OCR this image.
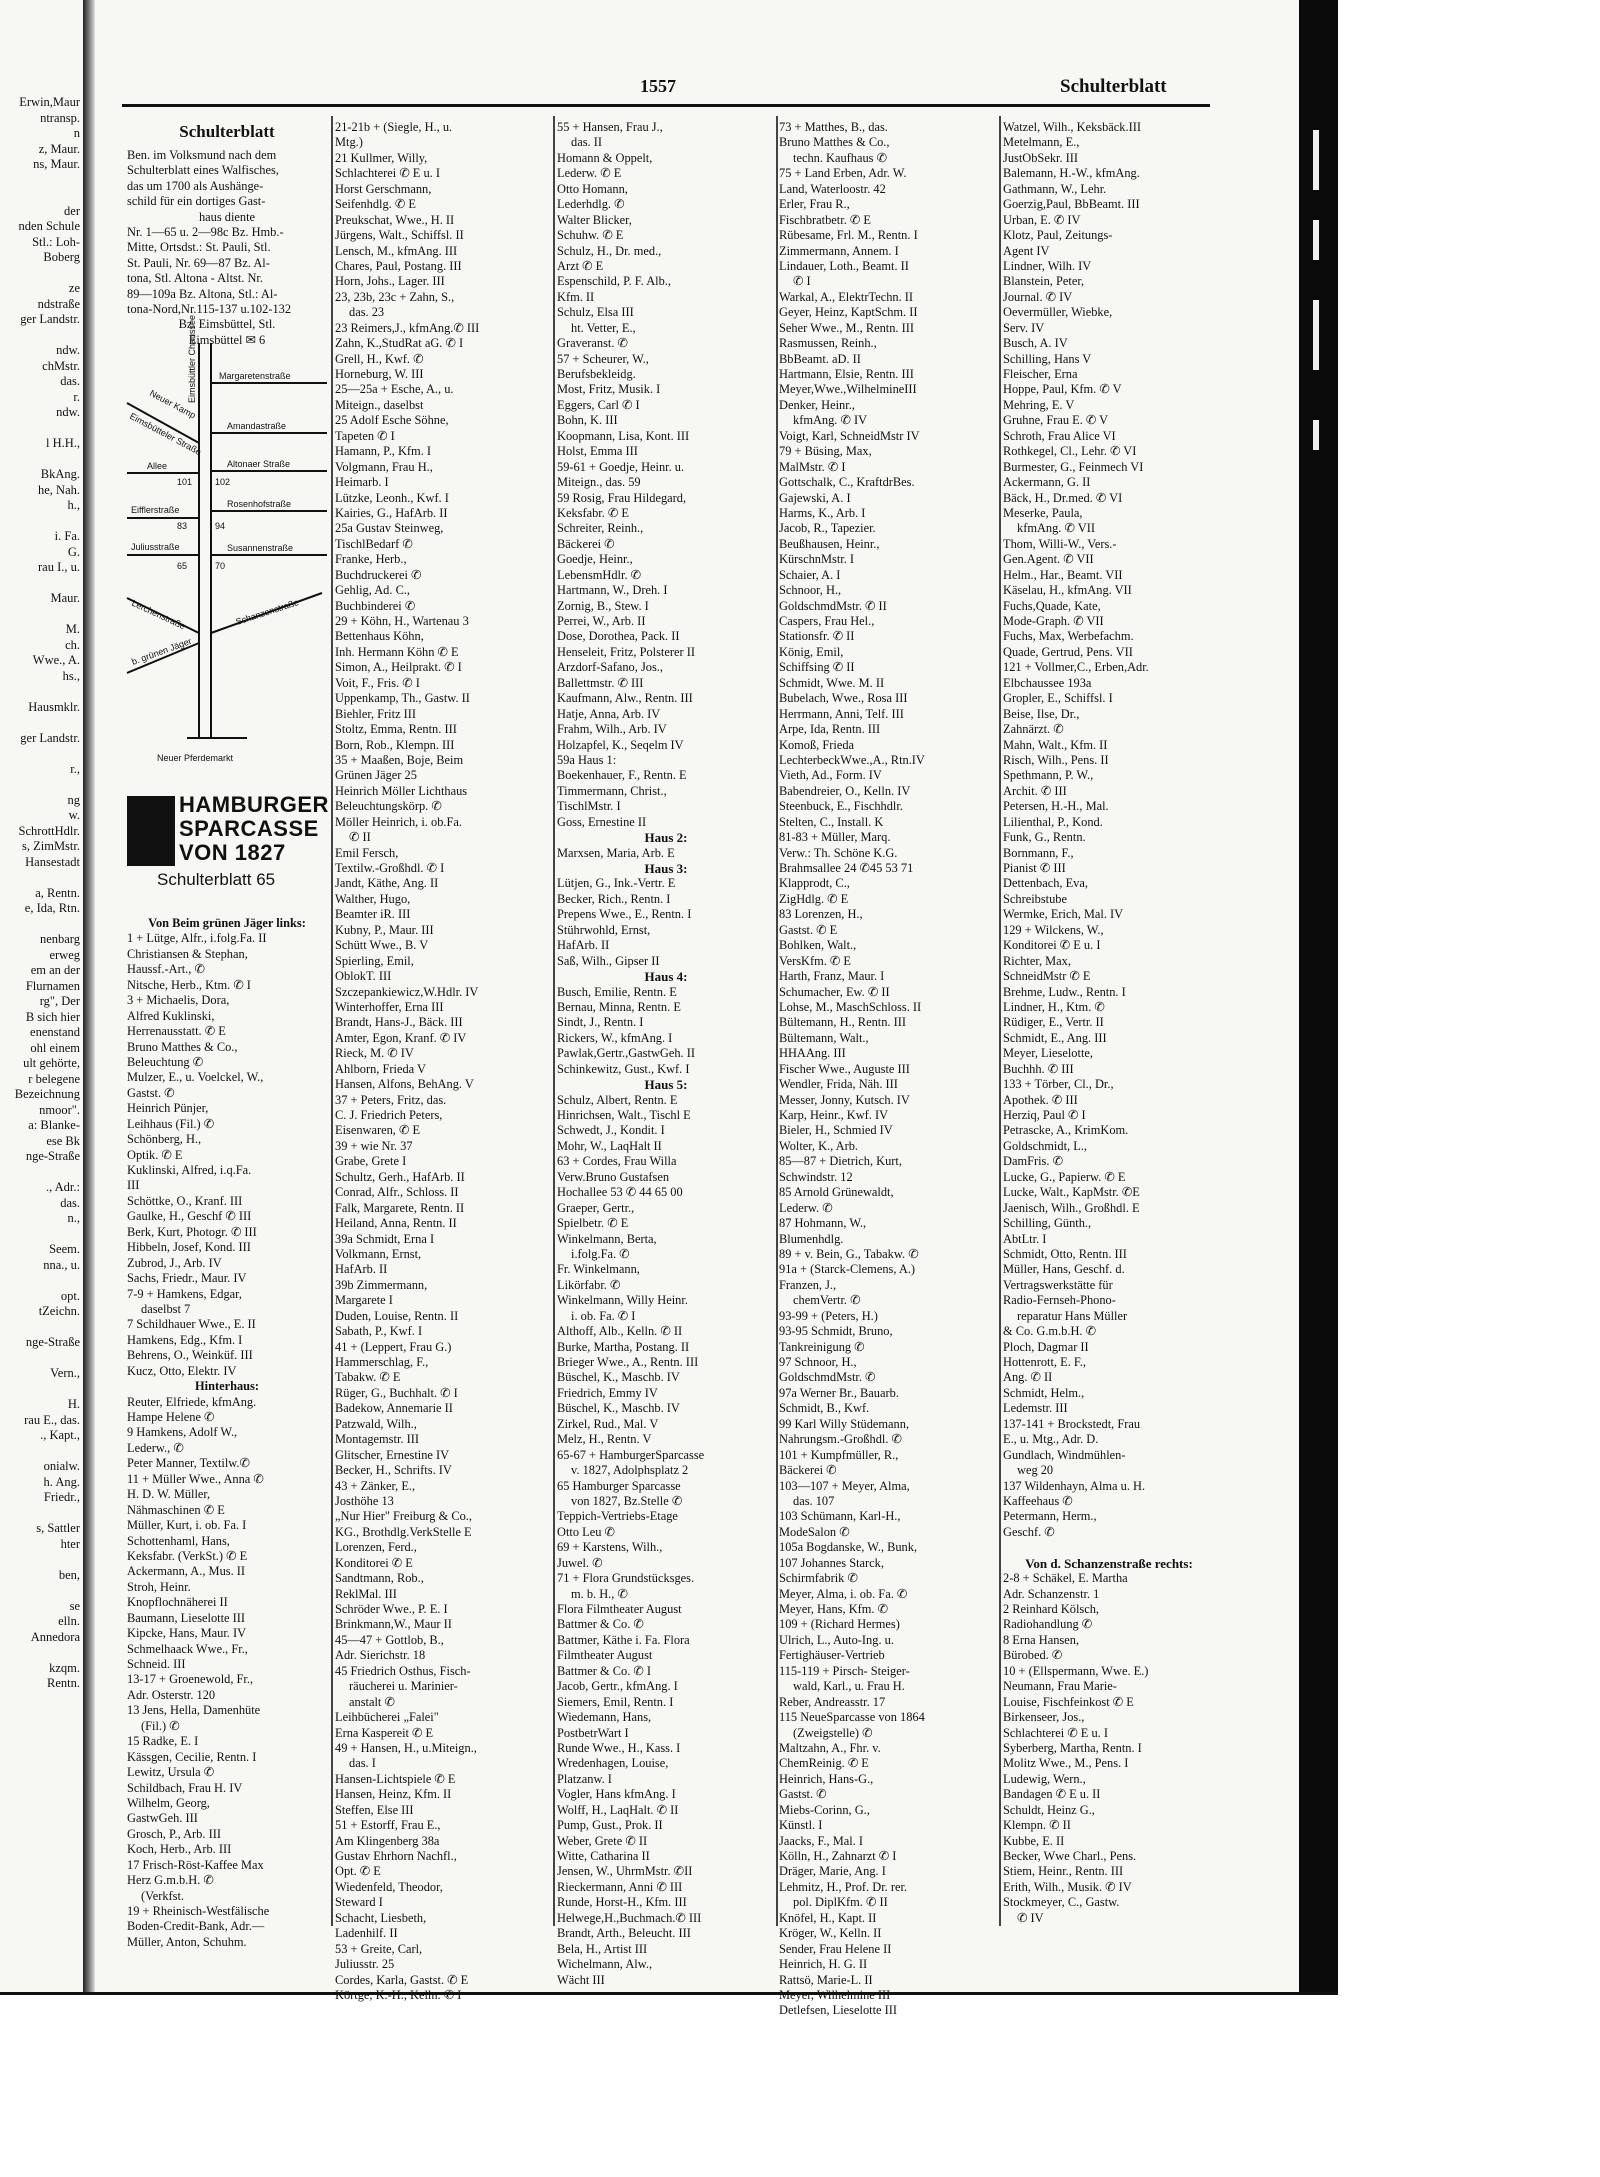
Erwin,Maur
ntransp.
n
z, Maur.
ns, Maur.
der
nden Schule
Stl.: Loh-
Boberg
ze
ndstraße
ger Landstr.
ndw.
chMstr.
das.
r.
ndw.
l H.H.,
BkAng.
he, Nah.
h.,
i. Fa.
G.
rau I., u.
Maur.
M.
ch.
Wwe., A.
hs.,
Hausmklr.
ger Landstr.
r.,
ng
w.
SchrottHdlr.
s, ZimMstr.
Hansestadt
a, Rentn.
e, Ida, Rtn.
nenbarg
erweg
em an der
Flurnamen
rg", Der
B sich hier
enenstand
ohl einem
ult gehörte,
r belegene
Bezeichnung
nmoor".
a: Blanke-
ese Bk
nge-Straße
., Adr.:
das.
n.,
Seem.
nna., u.
opt.
tZeichn.
nge-Straße
Vern.,
H.
rau E., das.
., Kapt.,
onialw.
h. Ang.
Friedr.,
s, Sattler
hter
ben,
se
elln.
Annedora
kzqm.
Rentn.
1557	Schulterblatt
Schulterblatt
Ben. im Volksmund nach dem
Schulterblatt eines Walfisches,
das um 1700 als Aushänge-
schild für ein dortiges Gast-
haus diente
Nr. 1—65 u. 2—98c Bz. Hmb.-
Mitte, Ortsdst.: St. Pauli, Stl.
St. Pauli, Nr. 69—87 Bz. Al-
tona, Stl. Altona - Altst. Nr.
89—109a Bz. Altona, Stl.: Al-
tona-Nord,Nr.115-137 u.102-132
Bz. Eimsbüttel, Stl.
Eimsbüttel ✉ 6
Eimsbüttler Chaussee Margaretenstraße
Amandastraße
Altonaer Straße
Rosenhofstraße
Susannenstraße
Schanzenstraße
Juliusstraße
Lerchenstraße
Eifflerstraße
Neuer Pferdemarkt
b. grünen Jäger
Eimsbütteler Straße
Allee
Neuer Kamp
101	102
83	94
65	70
HAMBURGER
SPARCASSE
VON 1827
Schulterblatt 65
Von Beim grünen Jäger links:
1 + Lütge, Alfr., i.folg.Fa. II
Christiansen & Stephan,
Haussf.-Art., ✆
Nitsche, Herb., Ktm. ✆ I
3 + Michaelis, Dora,
Alfred Kuklinski,
Herrenausstatt. ✆ E
Bruno Matthes & Co.,
Beleuchtung ✆
Mulzer, E., u. Voelckel, W.,
Gastst. ✆
Heinrich Pünjer,
Leihhaus (Fil.) ✆
Schönberg, H.,
Optik. ✆ E
Kuklinski, Alfred, i.q.Fa.
III
Schöttke, O., Kranf. III
Gaulke, H., Geschf ✆ III
Berk, Kurt, Photogr. ✆ III
Hibbeln, Josef, Kond. III
Zubrod, J., Arb. IV
Sachs, Friedr., Maur. IV
7-9 + Hamkens, Edgar,
daselbst 7
7 Schildhauer Wwe., E. II
Hamkens, Edg., Kfm. I
Behrens, O., Weinküf. III
Kucz, Otto, Elektr. IV
Hinterhaus:
Reuter, Elfriede, kfmAng.
Hampe Helene ✆
9 Hamkens, Adolf W.,
Lederw., ✆
Peter Manner, Textilw.✆
11 + Müller Wwe., Anna ✆
H. D. W. Müller,
Nähmaschinen ✆ E
Müller, Kurt, i. ob. Fa. I
Schottenhaml, Hans,
Keksfabr. (VerkSt.) ✆ E
Ackermann, A., Mus. II
Stroh, Heinr.
Knopflochnäherei II
Baumann, Lieselotte III
Kipcke, Hans, Maur. IV
Schmelhaack Wwe., Fr.,
Schneid. III
13-17 + Groenewold, Fr.,
Adr. Osterstr. 120
13 Jens, Hella, Damenhüte
(Fil.) ✆
15 Radke, E. I
Kässgen, Cecilie, Rentn. I
Lewitz, Ursula ✆
Schildbach, Frau H. IV
Wilhelm, Georg,
GastwGeh. III
Grosch, P., Arb. III
Koch, Herb., Arb. III
17 Frisch-Röst-Kaffee Max
Herz G.m.b.H. ✆
(Verkfst.
19 + Rheinisch-Westfälische
Boden-Credit-Bank, Adr.—
Müller, Anton, Schuhm.
21-21b + (Siegle, H., u.
Mtg.)
21 Kullmer, Willy,
Schlachterei ✆ E u. I
Horst Gerschmann,
Seifenhdlg. ✆ E
Preukschat, Wwe., H. II
Jürgens, Walt., Schiffsl. II
Lensch, M., kfmAng. III
Chares, Paul, Postang. III
Horn, Johs., Lager. III
23, 23b, 23c + Zahn, S.,
das. 23
23 Reimers,J., kfmAng.✆ III
Zahn, K.,StudRat aG. ✆ I
Grell, H., Kwf. ✆
Horneburg, W. III
25—25a + Esche, A., u.
Miteign., daselbst
25 Adolf Esche Söhne,
Tapeten ✆ I
Hamann, P., Kfm. I
Volgmann, Frau H.,
Heimarb. I
Lützke, Leonh., Kwf. I
Kairies, G., HafArb. II
25a Gustav Steinweg,
TischlBedarf ✆
Franke, Herb.,
Buchdruckerei ✆
Gehlig, Ad. C.,
Buchbinderei ✆
29 + Köhn, H., Wartenau 3
Bettenhaus Köhn,
Inh. Hermann Köhn ✆ E
Simon, A., Heilprakt. ✆ I
Voit, F., Fris. ✆ I
Uppenkamp, Th., Gastw. II
Biehler, Fritz III
Stoltz, Emma, Rentn. III
Born, Rob., Klempn. III
35 + Maaßen, Boje, Beim
Grünen Jäger 25
Heinrich Möller Lichthaus
Beleuchtungskörp. ✆
Möller Heinrich, i. ob.Fa.
✆ II
Emil Fersch,
Textilw.-Großhdl. ✆ I
Jandt, Käthe, Ang. II
Walther, Hugo,
Beamter iR. III
Kubny, P., Maur. III
Schütt Wwe., B. V
Spierling, Emil,
OblokT. III
Szczepankiewicz,W.Hdlr. IV
Winterhoffer, Erna III
Brandt, Hans-J., Bäck. III
Amter, Egon, Kranf. ✆ IV
Rieck, M. ✆ IV
Ahlborn, Frieda V
Hansen, Alfons, BehAng. V
37 + Peters, Fritz, das.
C. J. Friedrich Peters,
Eisenwaren, ✆ E
39 + wie Nr. 37
Grabe, Grete I
Schultz, Gerh., HafArb. II
Conrad, Alfr., Schloss. II
Falk, Margarete, Rentn. II
Heiland, Anna, Rentn. II
39a Schmidt, Erna I
Volkmann, Ernst,
HafArb. II
39b Zimmermann,
Margarete I
Duden, Louise, Rentn. II
Sabath, P., Kwf. I
41 + (Leppert, Frau G.)
Hammerschlag, F.,
Tabakw. ✆ E
Rüger, G., Buchhalt. ✆ I
Badekow, Annemarie II
Patzwald, Wilh.,
Montagemstr. III
Glitscher, Ernestine IV
Becker, H., Schrifts. IV
43 + Zänker, E.,
Josthöhe 13
„Nur Hier" Freiburg & Co.,
KG., Brothdlg.VerkStelle E
Lorenzen, Ferd.,
Konditorei ✆ E
Sandtmann, Rob.,
ReklMal. III
Schröder Wwe., P. E. I
Brinkmann,W., Maur II
45—47 + Gottlob, B.,
Adr. Sierichstr. 18
45 Friedrich Osthus, Fisch-
räucherei u. Marinier-
anstalt ✆
Leihbücherei „Falei"
Erna Kaspereit ✆ E
49 + Hansen, H., u.Miteign.,
das. I
Hansen-Lichtspiele ✆ E
Hansen, Heinz, Kfm. II
Steffen, Else III
51 + Estorff, Frau E.,
Am Klingenberg 38a
Gustav Ehrhorn Nachfl.,
Opt. ✆ E
Wiedenfeld, Theodor,
Steward I
Schacht, Liesbeth,
Ladenhilf. II
53 + Greite, Carl,
Juliusstr. 25
Cordes, Karla, Gastst. ✆ E
55 + Hansen, Frau J.,
das. II
Homann & Oppelt,
Lederw. ✆ E
Otto Homann,
Lederhdlg. ✆
Walter Blicker,
Schuhw. ✆ E
Schulz, H., Dr. med.,
Arzt ✆ E
Espenschild, P. F. Alb.,
Kfm. II
Schulz, Elsa III
ht. Vetter, E.,
Graveranst. ✆
57 + Scheurer, W.,
Berufsbekleidg.
Most, Fritz, Musik. I
Eggers, Carl ✆ I
Bohn, K. III
Koopmann, Lisa, Kont. III
Holst, Emma III
59-61 + Goedje, Heinr. u.
Miteign., das. 59
59 Rosig, Frau Hildegard,
Keksfabr. ✆ E
Schreiter, Reinh.,
Bäckerei ✆
Goedje, Heinr.,
LebensmHdlr. ✆
Hartmann, W., Dreh. I
Zornig, B., Stew. I
Perrei, W., Arb. II
Dose, Dorothea, Pack. II
Henseleit, Fritz, Polsterer II
Arzdorf-Safano, Jos.,
Ballettmstr. ✆ III
Kaufmann, Alw., Rentn. III
Hatje, Anna, Arb. IV
Frahm, Wilh., Arb. IV
Holzapfel, K., Seqelm IV
59a Haus 1:
Boekenhauer, F., Rentn. E
Timmermann, Christ.,
TischlMstr. I
Goss, Ernestine II
Haus 2:
Marxsen, Maria, Arb. E
Haus 3:
Lütjen, G., Ink.-Vertr. E
Becker, Rich., Rentn. I
Prepens Wwe., E., Rentn. I
Stührwohld, Ernst,
HafArb. II
Saß, Wilh., Gipser II
Haus 4:
Busch, Emilie, Rentn. E
Bernau, Minna, Rentn. E
Sindt, J., Rentn. I
Rickers, W., kfmAng. I
Pawlak,Gertr.,GastwGeh. II
Schinkewitz, Gust., Kwf. I
Haus 5:
Schulz, Albert, Rentn. E
Hinrichsen, Walt., Tischl E
Schwedt, J., Kondit. I
Mohr, W., LaqHalt II
63 + Cordes, Frau Willa
Verw.Bruno Gustafsen
Hochallee 53 ✆ 44 65 00
Graeper, Gertr.,
Spielbetr. ✆ E
Winkelmann, Berta,
i.folg.Fa. ✆
Fr. Winkelmann,
Likörfabr. ✆
Winkelmann, Willy Heinr.
i. ob. Fa. ✆ I
Althoff, Alb., Kelln. ✆ II
Burke, Martha, Postang. II
Brieger Wwe., A., Rentn. III
Büschel, K., Maschb. IV
Friedrich, Emmy IV
Büschel, K., Maschb. IV
Zirkel, Rud., Mal. V
Melz, H., Rentn. V
65-67 + HamburgerSparcasse
v. 1827, Adolphsplatz 2
65 Hamburger Sparcasse
von 1827, Bz.Stelle ✆
Teppich-Vertriebs-Etage
Otto Leu ✆
69 + Karstens, Wilh.,
Juwel. ✆
71 + Flora Grundstücksges.
m. b. H., ✆
Flora Filmtheater August
Battmer & Co. ✆
Battmer, Käthe i. Fa. Flora
Filmtheater August
Battmer & Co. ✆ I
Jacob, Gertr., kfmAng. I
Siemers, Emil, Rentn. I
Wiedemann, Hans,
PostbetrWart I
Runde Wwe., H., Kass. I
Wredenhagen, Louise,
Platzanw. I
Vogler, Hans kfmAng. I
Wolff, H., LaqHalt. ✆ II
Pump, Gust., Prok. II
Weber, Grete ✆ II
Witte, Catharina II
Jensen, W., UhrmMstr. ✆II
Rieckermann, Anni ✆ III
Runde, Horst-H., Kfm. III
Helwege,H.,Buchmach.✆ III
Brandt, Arth., Beleucht. III
Bela, H., Artist III
Wichelmann, Alw.,
Wächt III
73 + Matthes, B., das.
Bruno Matthes & Co.,
techn. Kaufhaus ✆
75 + Land Erben, Adr. W.
Land, Waterloostr. 42
Erler, Frau R.,
Fischbratbetr. ✆ E
Rübesame, Frl. M., Rentn. I
Zimmermann, Annem. I
Lindauer, Loth., Beamt. II
✆ I
Warkal, A., ElektrTechn. II
Geyer, Heinz, KaptSchm. II
Seher Wwe., M., Rentn. III
Rasmussen, Reinh.,
BbBeamt. aD. II
Hartmann, Elsie, Rentn. III
Meyer,Wwe.,WilhelmineIII
Denker, Heinr.,
kfmAng. ✆ IV
Voigt, Karl, SchneidMstr IV
79 + Büsing, Max,
MalMstr. ✆ I
Gottschalk, C., KraftdrBes.
Gajewski, A. I
Harms, K., Arb. I
Jacob, R., Tapezier.
Beußhausen, Heinr.,
KürschnMstr. I
Schaier, A. I
Schnoor, H.,
GoldschmdMstr. ✆ II
Caspers, Frau Hel.,
Stationsfr. ✆ II
König, Emil,
Schiffsing ✆ II
Schmidt, Wwe. M. II
Bubelach, Wwe., Rosa III
Herrmann, Anni, Telf. III
Arpe, Ida, Rentn. III
Komoß, Frieda
LechterbeckWwe.,A., Rtn.IV
Vieth, Ad., Form. IV
Babendreier, O., Kelln. IV
Steenbuck, E., Fischhdlr.
Stelten, C., Install. K
81-83 + Müller, Marq.
Verw.: Th. Schöne K.G.
Brahmsallee 24 ✆45 53 71
Klapprodt, C.,
ZigHdlg. ✆ E
83 Lorenzen, H.,
Gastst. ✆ E
Bohlken, Walt.,
VersKfm. ✆ E
Harth, Franz, Maur. I
Schumacher, Ew. ✆ II
Lohse, M., MaschSchloss. II
Bültemann, H., Rentn. III
Bültemann, Walt.,
HHAAng. III
Fischer Wwe., Auguste III
Wendler, Frida, Näh. III
Messer, Jonny, Kutsch. IV
Karp, Heinr., Kwf. IV
Bieler, H., Schmied IV
Wolter, K., Arb.
85—87 + Dietrich, Kurt,
Schwindstr. 12
85 Arnold Grünewaldt,
Lederw. ✆
87 Hohmann, W.,
Blumenhdlg.
89 + v. Bein, G., Tabakw. ✆
91a + (Starck-Clemens, A.)
Franzen, J.,
chemVertr. ✆
93-99 + (Peters, H.)
93-95 Schmidt, Bruno,
Tankreinigung ✆
97 Schnoor, H.,
GoldschmdMstr. ✆
97a Werner Br., Bauarb.
Schmidt, B., Kwf.
99 Karl Willy Stüdemann,
Nahrungsm.-Großhdl. ✆
101 + Kumpfmüller, R.,
Bäckerei ✆
103—107 + Meyer, Alma,
das. 107
103 Schümann, Karl-H.,
ModeSalon ✆
105a Bogdanske, W., Bunk,
107 Johannes Starck,
Schirmfabrik ✆
Meyer, Alma, i. ob. Fa. ✆
Meyer, Hans, Kfm. ✆
109 + (Richard Hermes)
Ulrich, L., Auto-Ing. u.
Fertighäuser-Vertrieb
115-119 + Pirsch- Steiger-
wald, Karl., u. Frau H.
Reber, Andreasstr. 17
115 NeueSparcasse von 1864
(Zweigstelle) ✆
Maltzahn, A., Fhr. v.
ChemReinig. ✆ E
Heinrich, Hans-G.,
Gastst. ✆
Miebs-Corinn, G.,
Künstl. I
Jaacks, F., Mal. I
Kölln, H., Zahnarzt ✆ I
Dräger, Marie, Ang. I
Lehmitz, H., Prof. Dr. rer.
pol. DiplKfm. ✆ II
Knöfel, H., Kapt. II
Kröger, W., Kelln. II
Sender, Frau Helene II
Heinrich, H. G. II
Rattsö, Marie-L. II
Detlefsen, Lieselotte III
Watzel, Wilh., Keksbäck.III
Metelmann, E.,
JustObSekr. III
Balemann, H.-W., kfmAng.
Gathmann, W., Lehr.
Goerzig,Paul, BbBeamt. III
Urban, E. ✆ IV
Klotz, Paul, Zeitungs-
Agent IV
Lindner, Wilh. IV
Blanstein, Peter,
Journal. ✆ IV
Oevermüller, Wiebke,
Serv. IV
Busch, A. IV
Schilling, Hans V
Fleischer, Erna
Hoppe, Paul, Kfm. ✆ V
Mehring, E. V
Gruhne, Frau E. ✆ V
Schroth, Frau Alice VI
Rothkegel, Cl., Lehr. ✆ VI
Burmester, G., Feinmech VI
Ackermann, G. II
Bäck, H., Dr.med. ✆ VI
Meserke, Paula,
kfmAng. ✆ VII
Thom, Willi-W., Vers.-
Gen.Agent. ✆ VII
Helm., Har., Beamt. VII
Käselau, H., kfmAng. VII
Fuchs,Quade, Kate,
Mode-Graph. ✆ VII
Fuchs, Max, Werbefachm.
Quade, Gertrud, Pens. VII
121 + Vollmer,C., Erben,Adr.
Elbchaussee 193a
Gropler, E., Schiffsl. I
Beise, Ilse, Dr.,
Zahnärzt. ✆
Mahn, Walt., Kfm. II
Risch, Wilh., Pens. II
Spethmann, P. W.,
Archit. ✆ III
Petersen, H.-H., Mal.
Lilienthal, P., Kond.
Funk, G., Rentn.
Bornmann, F.,
Pianist ✆ III
Dettenbach, Eva,
Schreibstube
Wermke, Erich, Mal. IV
129 + Wilckens, W.,
Konditorei ✆ E u. I
Richter, Max,
SchneidMstr ✆ E
Brehme, Ludw., Rentn. I
Lindner, H., Ktm. ✆
Rüdiger, E., Vertr. II
Schmidt, E., Ang. III
Meyer, Lieselotte,
Buchhh. ✆ III
133 + Törber, Cl., Dr.,
Apothek. ✆ III
Herziq, Paul ✆ I
Petrascke, A., KrimKom.
Goldschmidt, L.,
DamFris. ✆
Lucke, G., Papierw. ✆ E
Lucke, Walt., KapMstr. ✆E
Jaenisch, Wilh., Großhdl. E
Schilling, Günth.,
AbtLtr. I
Schmidt, Otto, Rentn. III
Müller, Hans, Geschf. d.
Vertragswerkstätte für
Radio-Fernseh-Phono-
reparatur Hans Müller
& Co. G.m.b.H. ✆
Ploch, Dagmar II
Hottenrott, E. F.,
Ang. ✆ II
Schmidt, Helm.,
Ledemstr. III
137-141 + Brockstedt, Frau
E., u. Mtg., Adr. D.
Gundlach, Windmühlen-
weg 20
137 Wildenhayn, Alma u. H.
Kaffeehaus ✆
Petermann, Herm.,
Geschf. ✆
Von d. Schanzenstraße rechts:
2-8 + Schäkel, E. Martha
Adr. Schanzenstr. 1
2 Reinhard Kölsch,
Radiohandlung ✆
8 Erna Hansen,
Bürobed. ✆
10 + (Ellspermann, Wwe. E.)
Neumann, Frau Marie-
Louise, Fischfeinkost ✆ E
Birkenseer, Jos.,
Schlachterei ✆ E u. I
Syberberg, Martha, Rentn. I
Molitz Wwe., M., Pens. I
Ludewig, Wern.,
Bandagen ✆ E u. II
Schuldt, Heinz G.,
Klempn. ✆ II
Kubbe, E. II
Becker, Wwe Charl., Pens.
Stiem, Heinr., Rentn. III
Erith, Wilh., Musik. ✆ IV
Stockmeyer, C., Gastw.
✆ IV
